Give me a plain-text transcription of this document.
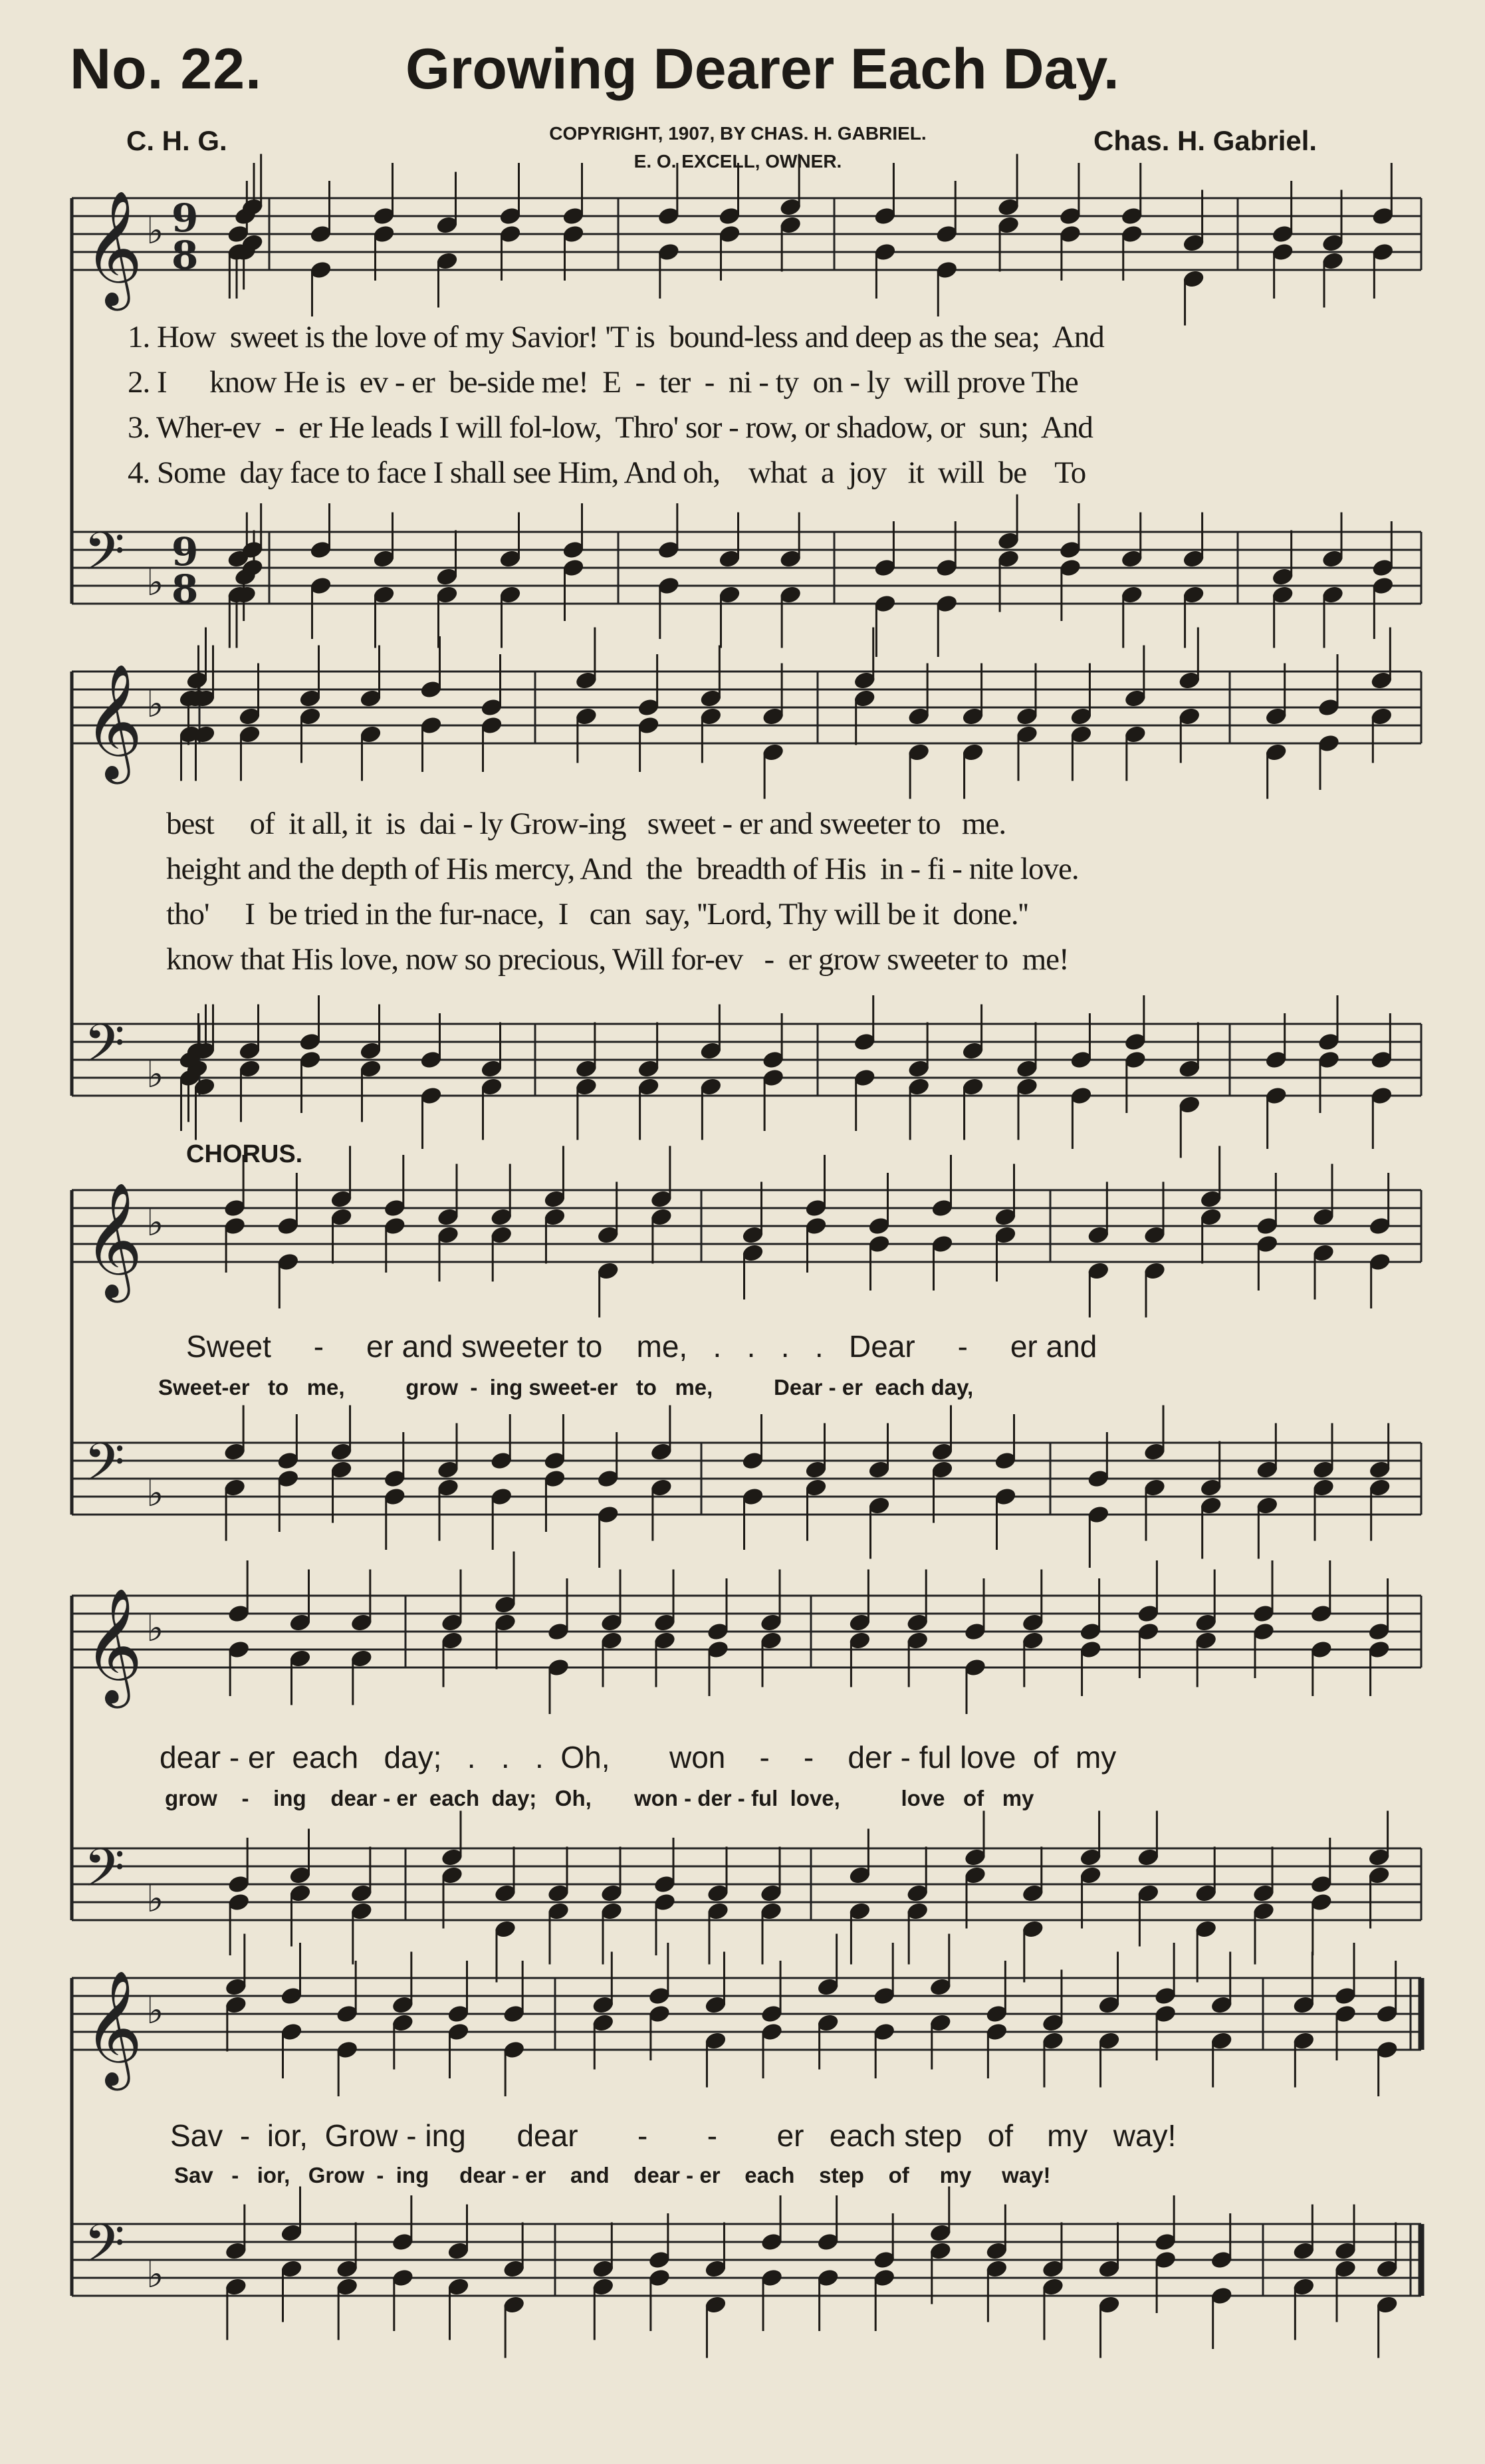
No. 22.	Growing Dearer Each Day.
C. H. G.	COPYRIGHT, 1907, BY CHAS. H. GABRIEL.
E. O. EXCELL, OWNER.
Chas. H. Gabriel.
𝄞 ♭
𝄢 ♭
9
8
9
8
𝄞 ♭
𝄢 ♭
𝄞 ♭
𝄢 ♭
𝄞 ♭
𝄢 ♭
𝄞 ♭
𝄢 ♭
1. How  sweet is the love of my Savior! 'T is  bound-less and deep as the sea;  And
2. I      know He is  ev - er  be-side me!  E  -  ter  -  ni - ty  on - ly  will prove The
3. Wher-ev  -  er He leads I will fol-low,  Thro' sor - row, or shadow, or  sun;  And
4. Some  day face to face I shall see Him, And oh,    what  a  joy   it  will  be    To
best     of  it all, it  is  dai - ly Grow-ing   sweet - er and sweeter to   me.
height and the depth of His mercy, And  the  breadth of His  in - fi - nite love.
tho'     I  be tried in the fur-nace,  I   can  say, ''Lord, Thy will be it  done.''
know that His love, now so precious, Will for-ev   -  er grow sweeter to  me!
CHORUS.
Sweet     -     er and sweeter to    me,   .   .   .   .   Dear     -     er and
Sweet-er   to   me,          grow  -  ing sweet-er   to   me,          Dear - er  each day,
dear - er  each   day;   .   .   .  Oh,       won    -    -    der - ful love  of  my
grow    -    ing    dear - er  each  day;   Oh,       won - der - ful  love,          love   of   my
Sav  -  ior,  Grow - ing      dear       -       -       er   each step   of    my   way!
Sav   -   ior,   Grow  -  ing     dear - er    and    dear - er    each    step    of     my     way!
